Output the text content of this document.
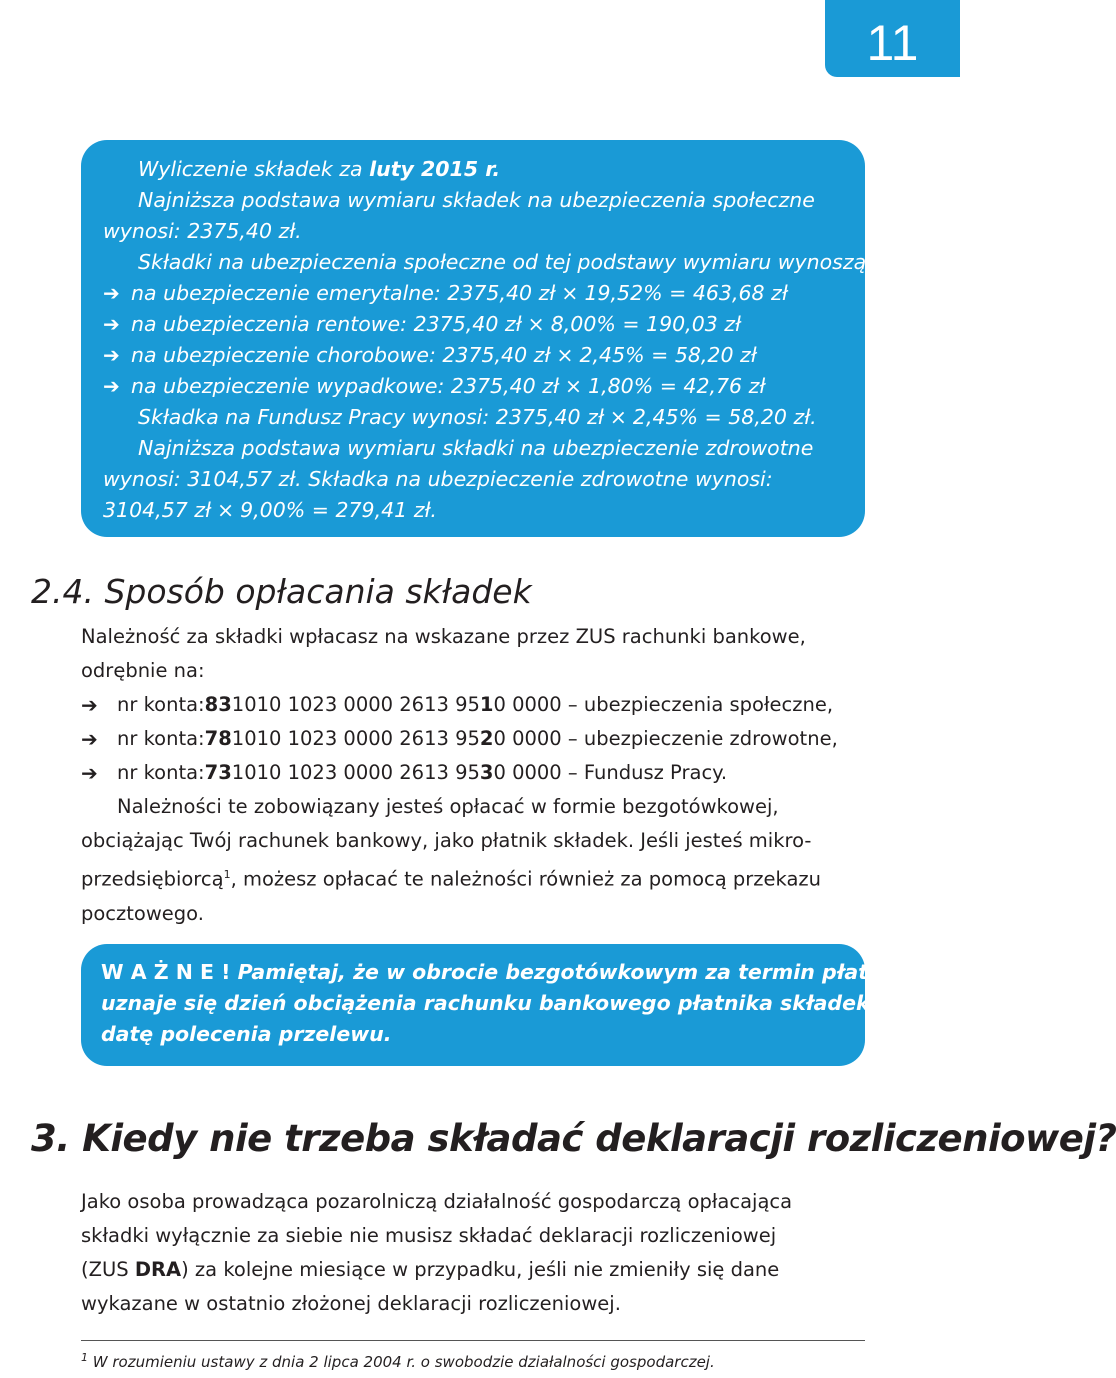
11
Wyliczenie składek za luty 2015 r.
Najniższa podstawa wymiaru składek na ubezpieczenia społeczne
wynosi: 2375,40 zł.
Składki na ubezpieczenia społeczne od tej podstawy wymiaru wynoszą:
➔ na ubezpieczenie emerytalne: 2375,40 zł × 19,52% = 463,68 zł
➔ na ubezpieczenia rentowe: 2375,40 zł × 8,00% = 190,03 zł
➔ na ubezpieczenie chorobowe: 2375,40 zł × 2,45% = 58,20 zł
➔ na ubezpieczenie wypadkowe: 2375,40 zł × 1,80% = 42,76 zł
Składka na Fundusz Pracy wynosi: 2375,40 zł × 2,45% = 58,20 zł.
Najniższa podstawa wymiaru składki na ubezpieczenie zdrowotne
wynosi: 3104,57 zł. Składka na ubezpieczenie zdrowotne wynosi:
3104,57 zł × 9,00% = 279,41 zł.
2.4. Sposób opłacania składek
Należność za składki wpłacasz na wskazane przez ZUS rachunki bankowe,
odrębnie na:
➔ nr konta: 83 1010 1023 0000 2613 95 1 0 0000 – ubezpieczenia społeczne,
➔ nr konta: 78 1010 1023 0000 2613 95 2 0 0000 – ubezpieczenie zdrowotne,
➔ nr konta: 73 1010 1023 0000 2613 95 3 0 0000 – Fundusz Pracy.
Należności te zobowiązany jesteś opłacać w formie bezgotówkowej,
obciążając Twój rachunek bankowy, jako płatnik składek. Jeśli jesteś mikro-
przedsiębiorcą$^1$, możesz opłacać te należności również za pomocą przekazu
pocztowego.
W A Ż N E ! Pamiętaj, że w obrocie bezgotówkowym za termin płatności
uznaje się dzień obciążenia rachunku bankowego płatnika składek, a nie
datę polecenia przelewu.
3. Kiedy nie trzeba składać deklaracji rozliczeniowej?
Jako osoba prowadząca pozarolniczą działalność gospodarczą opłacająca
składki wyłącznie za siebie nie musisz składać deklaracji rozliczeniowej
(ZUS DRA) za kolejne miesiące w przypadku, jeśli nie zmieniły się dane
wykazane w ostatnio złożonej deklaracji rozliczeniowej.
$^1$ W rozumieniu ustawy z dnia 2 lipca 2004 r. o swobodzie działalności gospodarczej.
